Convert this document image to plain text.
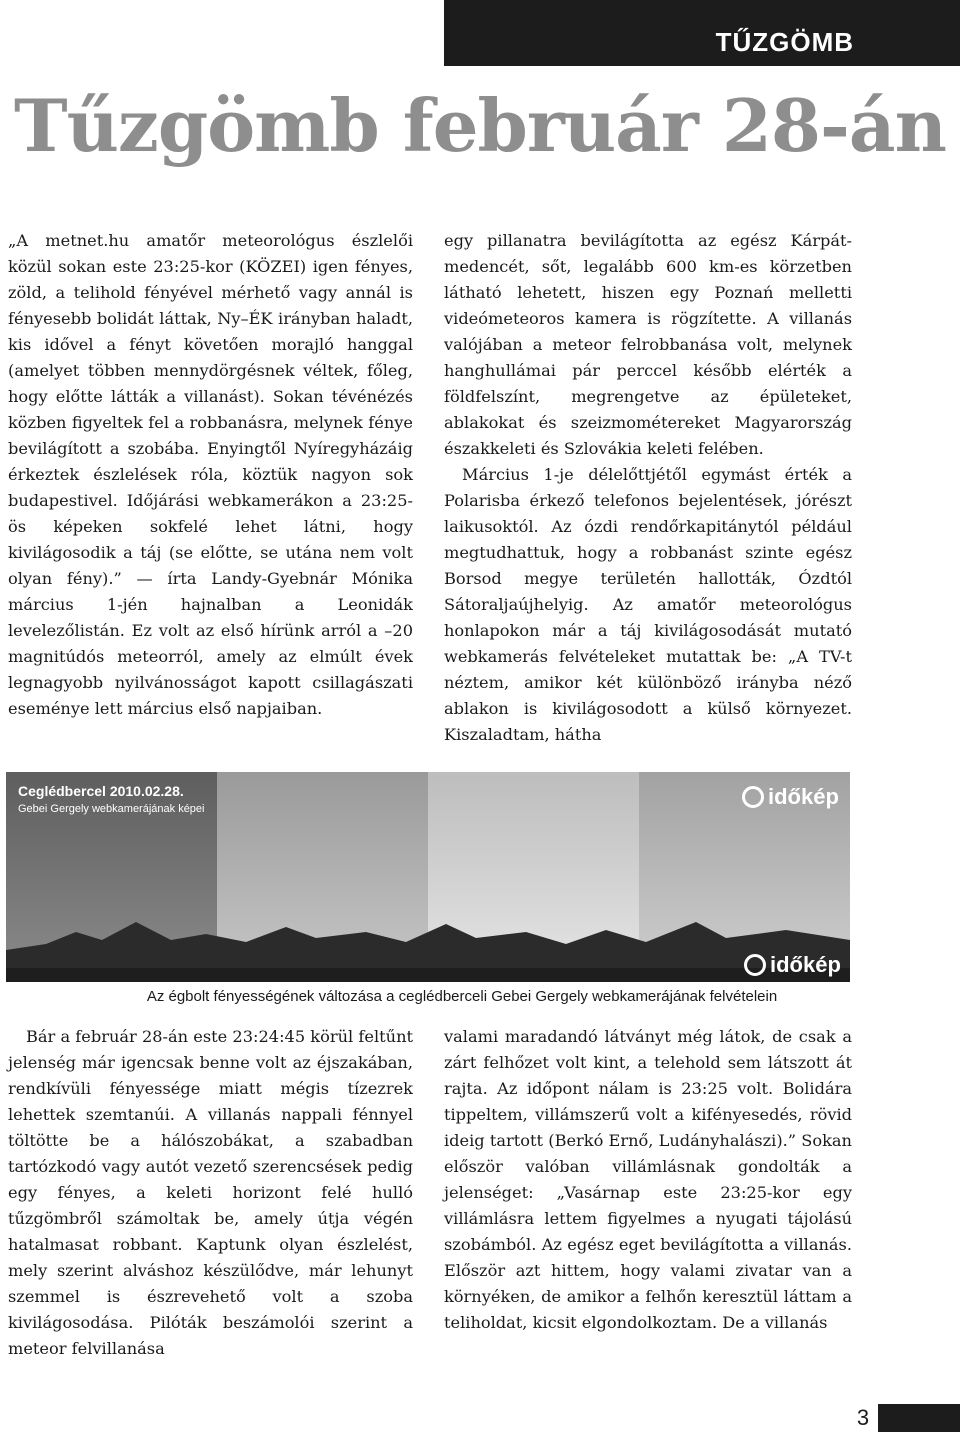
TŰZGÖMB
Tűzgömb február 28-án

„A metnet.hu amatőr meteorológus észlelői közül sokan este 23:25-kor (KÖZEI) igen fényes, zöld, a telihold fényével mérhető vagy annál is fényesebb bolidát láttak, Ny–ÉK irányban haladt, kis idővel a fényt követően morajló hanggal (amelyet többen mennydörgésnek véltek, főleg, hogy előtte látták a villanást). Sokan tévénézés közben figyeltek fel a robbanásra, melynek fénye bevilágított a szobába. Enyingtől Nyíregyházáig érkeztek észlelések róla, köztük nagyon sok budapestivel. Időjárási webkamerákon a 23:25-ös képeken sokfelé lehet látni, hogy kivilágosodik a táj (se előtte, se utána nem volt olyan fény).” — írta Landy-Gyebnár Mónika március 1-jén hajnalban a Leonidák levelezőlistán. Ez volt az első hírünk arról a –20 magnitúdós meteorról, amely az elmúlt évek legnagyobb nyilvánosságot kapott csillagászati eseménye lett március első napjaiban.

egy pillanatra bevilágította az egész Kárpát-medencét, sőt, legalább 600 km-es körzetben látható lehetett, hiszen egy Poznań melletti videómeteoros kamera is rögzítette. A villanás valójában a meteor felrobbanása volt, melynek hanghullámai pár perccel később elérték a földfelszínt, megrengetve az épületeket, ablakokat és szeizmométereket Magyarország északkeleti és Szlovákia keleti felében.

Március 1-je délelőttjétől egymást érték a Polarisba érkező telefonos bejelentések, jórészt laikusoktól. Az ózdi rendőrkapitánytól például megtudhattuk, hogy a robbanást szinte egész Borsod megye területén hallották, Ózdtól Sátoraljaújhelyig. Az amatőr meteorológus honlapokon már a táj kivilágosodását mutató webkamerás felvételeket mutattak be: „A TV-t néztem, amikor két különböző irányba néző ablakon is kivilágosodott a külső környezet. Kiszaladtam, hátha

Ceglédbercel 2010.02.28.
Gebei Gergely webkamerájának képei	időkép
időkép
Az égbolt fényességének változása a ceglédberceli Gebei Gergely webkamerájának felvételein

Bár a február 28-án este 23:24:45 körül feltűnt jelenség már igencsak benne volt az éjszakában, rendkívüli fényessége miatt mégis tízezrek lehettek szemtanúi. A villanás nappali fénnyel töltötte be a hálószobákat, a szabadban tartózkodó vagy autót vezető szerencsések pedig egy fényes, a keleti horizont felé hulló tűzgömbről számoltak be, amely útja végén hatalmasat robbant. Kaptunk olyan észlelést, mely szerint alváshoz készülődve, már lehunyt szemmel is észrevehető volt a szoba kivilágosodása. Pilóták beszámolói szerint a meteor felvillanása

valami maradandó látványt még látok, de csak a zárt felhőzet volt kint, a telehold sem látszott át rajta. Az időpont nálam is 23:25 volt. Bolidára tippeltem, villámszerű volt a kifényesedés, rövid ideig tartott (Berkó Ernő, Ludányhalászi).” Sokan először valóban villámlásnak gondolták a jelenséget: „Vasárnap este 23:25-kor egy villámlásra lettem figyelmes a nyugati tájolású szobámból. Az egész eget bevilágította a villanás. Először azt hittem, hogy valami zivatar van a környéken, de amikor a felhőn keresztül láttam a teliholdat, kicsit elgondolkoztam. De a villanás

3
